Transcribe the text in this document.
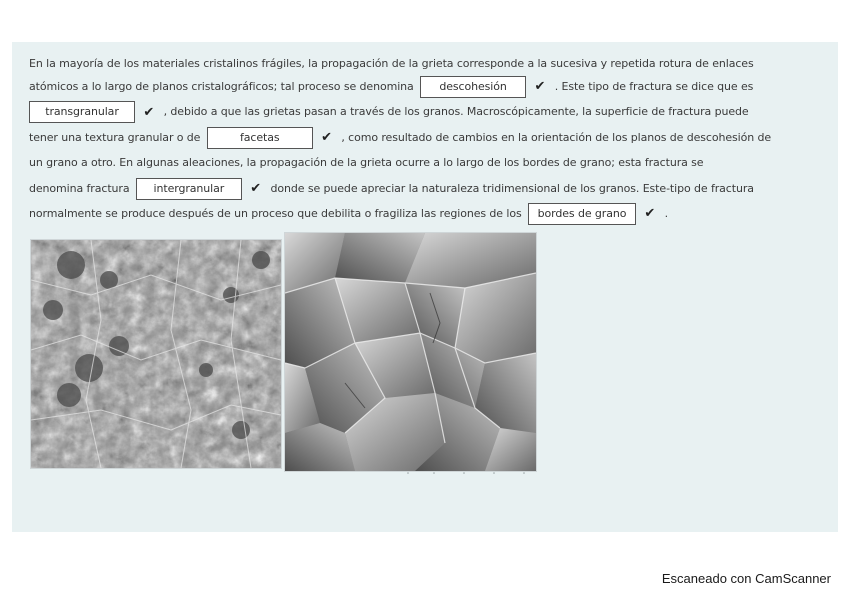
En la mayoría de los materiales cristalinos frágiles, la propagación de la grieta corresponde a la sucesiva y repetida rotura de enlaces
atómicos a lo largo de planos cristalográficos; tal proceso se denomina descohesión ✔ . Este tipo de fractura se dice que es
transgranular ✔ , debido a que las grietas pasan a través de los granos. Macroscópicamente, la superficie de fractura puede
tener una textura granular o de	facetas	✔ , como resultado de cambios en la orientación de los planos de descohesión de
un grano a otro. En algunas aleaciones, la propagación de la grieta ocurre a lo largo de los bordes de grano; esta fractura se
denomina fractura intergranular ✔ donde se puede apreciar la naturaleza tridimensional de los granos. Este-tipo de fractura
normalmente se produce después de un proceso que debilita o fragiliza las regiones de los bordes de grano ✔ .
Escaneado con CamScanner
